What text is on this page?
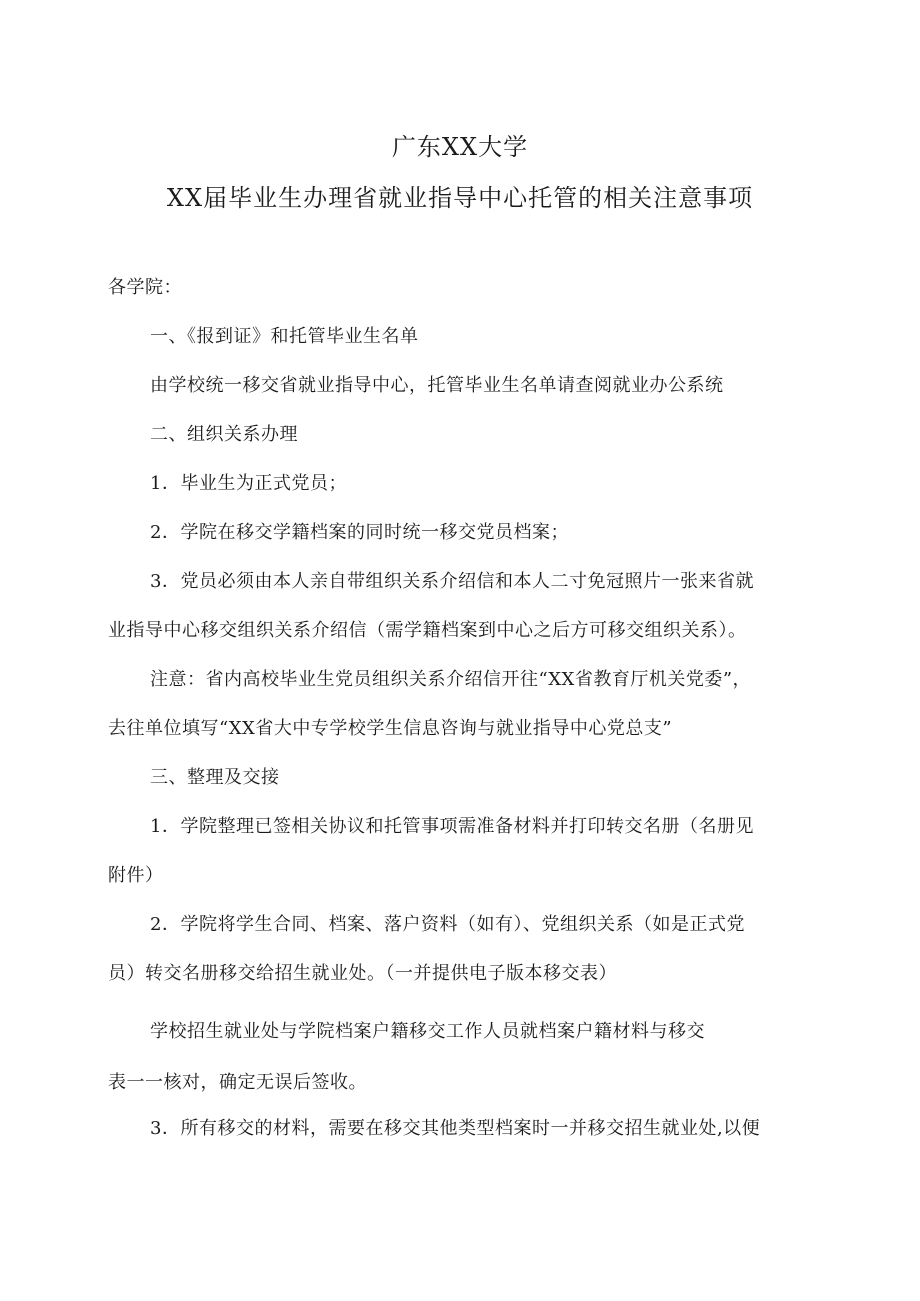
广东XX大学
XX届毕业生办理省就业指导中心托管的相关注意事项
各学院：
一、《报到证》和托管毕业生名单
由学校统一移交省就业指导中心，托管毕业生名单请查阅就业办公系统
二、组织关系办理
1．毕业生为正式党员；
2．学院在移交学籍档案的同时统一移交党员档案；
3．党员必须由本人亲自带组织关系介绍信和本人二寸免冠照片一张来省就
业指导中心移交组织关系介绍信（需学籍档案到中心之后方可移交组织关系）。
注意：省内高校毕业生党员组织关系介绍信开往“XX省教育厅机关党委”，
去往单位填写“XX省大中专学校学生信息咨询与就业指导中心党总支”
三、整理及交接
1．学院整理已签相关协议和托管事项需准备材料并打印转交名册（名册见
附件）
2．学院将学生合同、档案、落户资料（如有）、党组织关系（如是正式党
员）转交名册移交给招生就业处。（一并提供电子版本移交表）
学校招生就业处与学院档案户籍移交工作人员就档案户籍材料与移交
表一一核对，确定无误后签收。
3．所有移交的材料，需要在移交其他类型档案时一并移交招生就业处,以便
